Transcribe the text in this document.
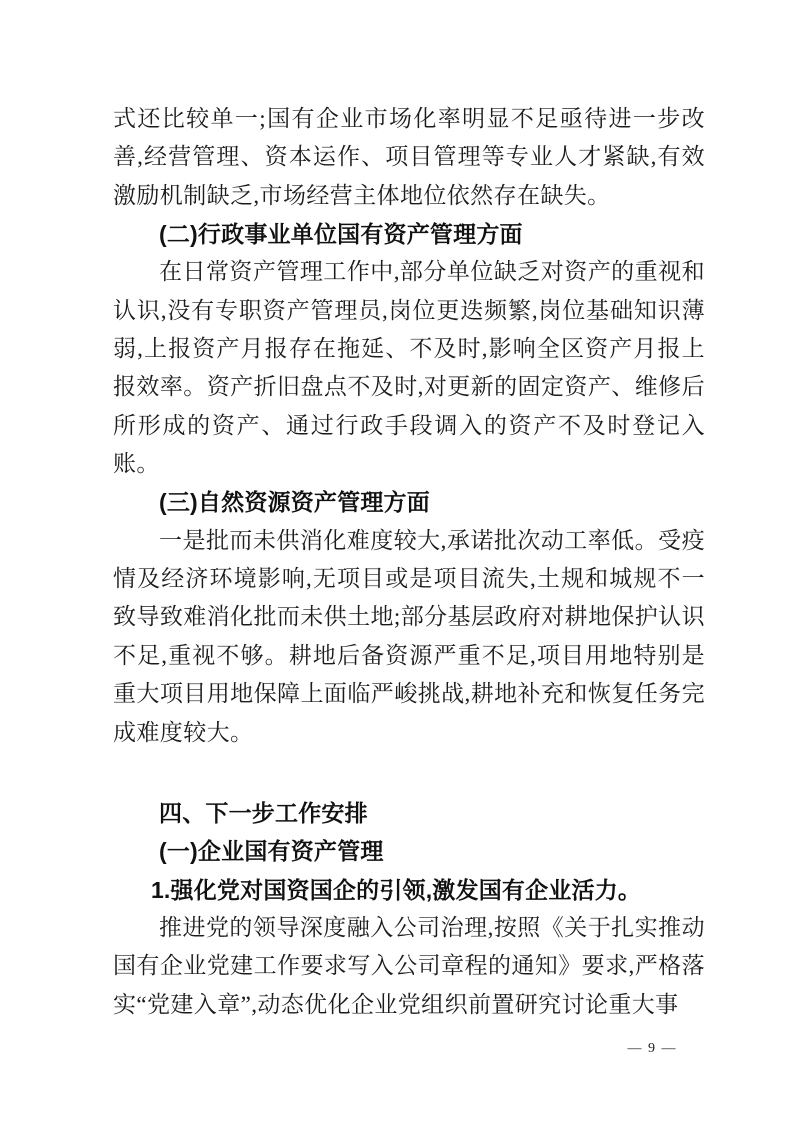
式还比较单一;国有企业市场化率明显不足亟待进一步改善,经营管理、资本运作、项目管理等专业人才紧缺,有效激励机制缺乏,市场经营主体地位依然存在缺失。

(二)行政事业单位国有资产管理方面

在日常资产管理工作中,部分单位缺乏对资产的重视和认识,没有专职资产管理员,岗位更迭频繁,岗位基础知识薄弱,上报资产月报存在拖延、不及时,影响全区资产月报上报效率。资产折旧盘点不及时,对更新的固定资产、维修后所形成的资产、通过行政手段调入的资产不及时登记入账。

(三)自然资源资产管理方面

一是批而未供消化难度较大,承诺批次动工率低。受疫情及经济环境影响,无项目或是项目流失,土规和城规不一致导致难消化批而未供土地;部分基层政府对耕地保护认识不足,重视不够。耕地后备资源严重不足,项目用地特别是重大项目用地保障上面临严峻挑战,耕地补充和恢复任务完成难度较大。

四、下一步工作安排

(一)企业国有资产管理

1.强化党对国资国企的引领,激发国有企业活力。

推进党的领导深度融入公司治理,按照《关于扎实推动国有企业党建工作要求写入公司章程的通知》要求,严格落实“党建入章”,动态优化企业党组织前置研究讨论重大事

— 9 —
